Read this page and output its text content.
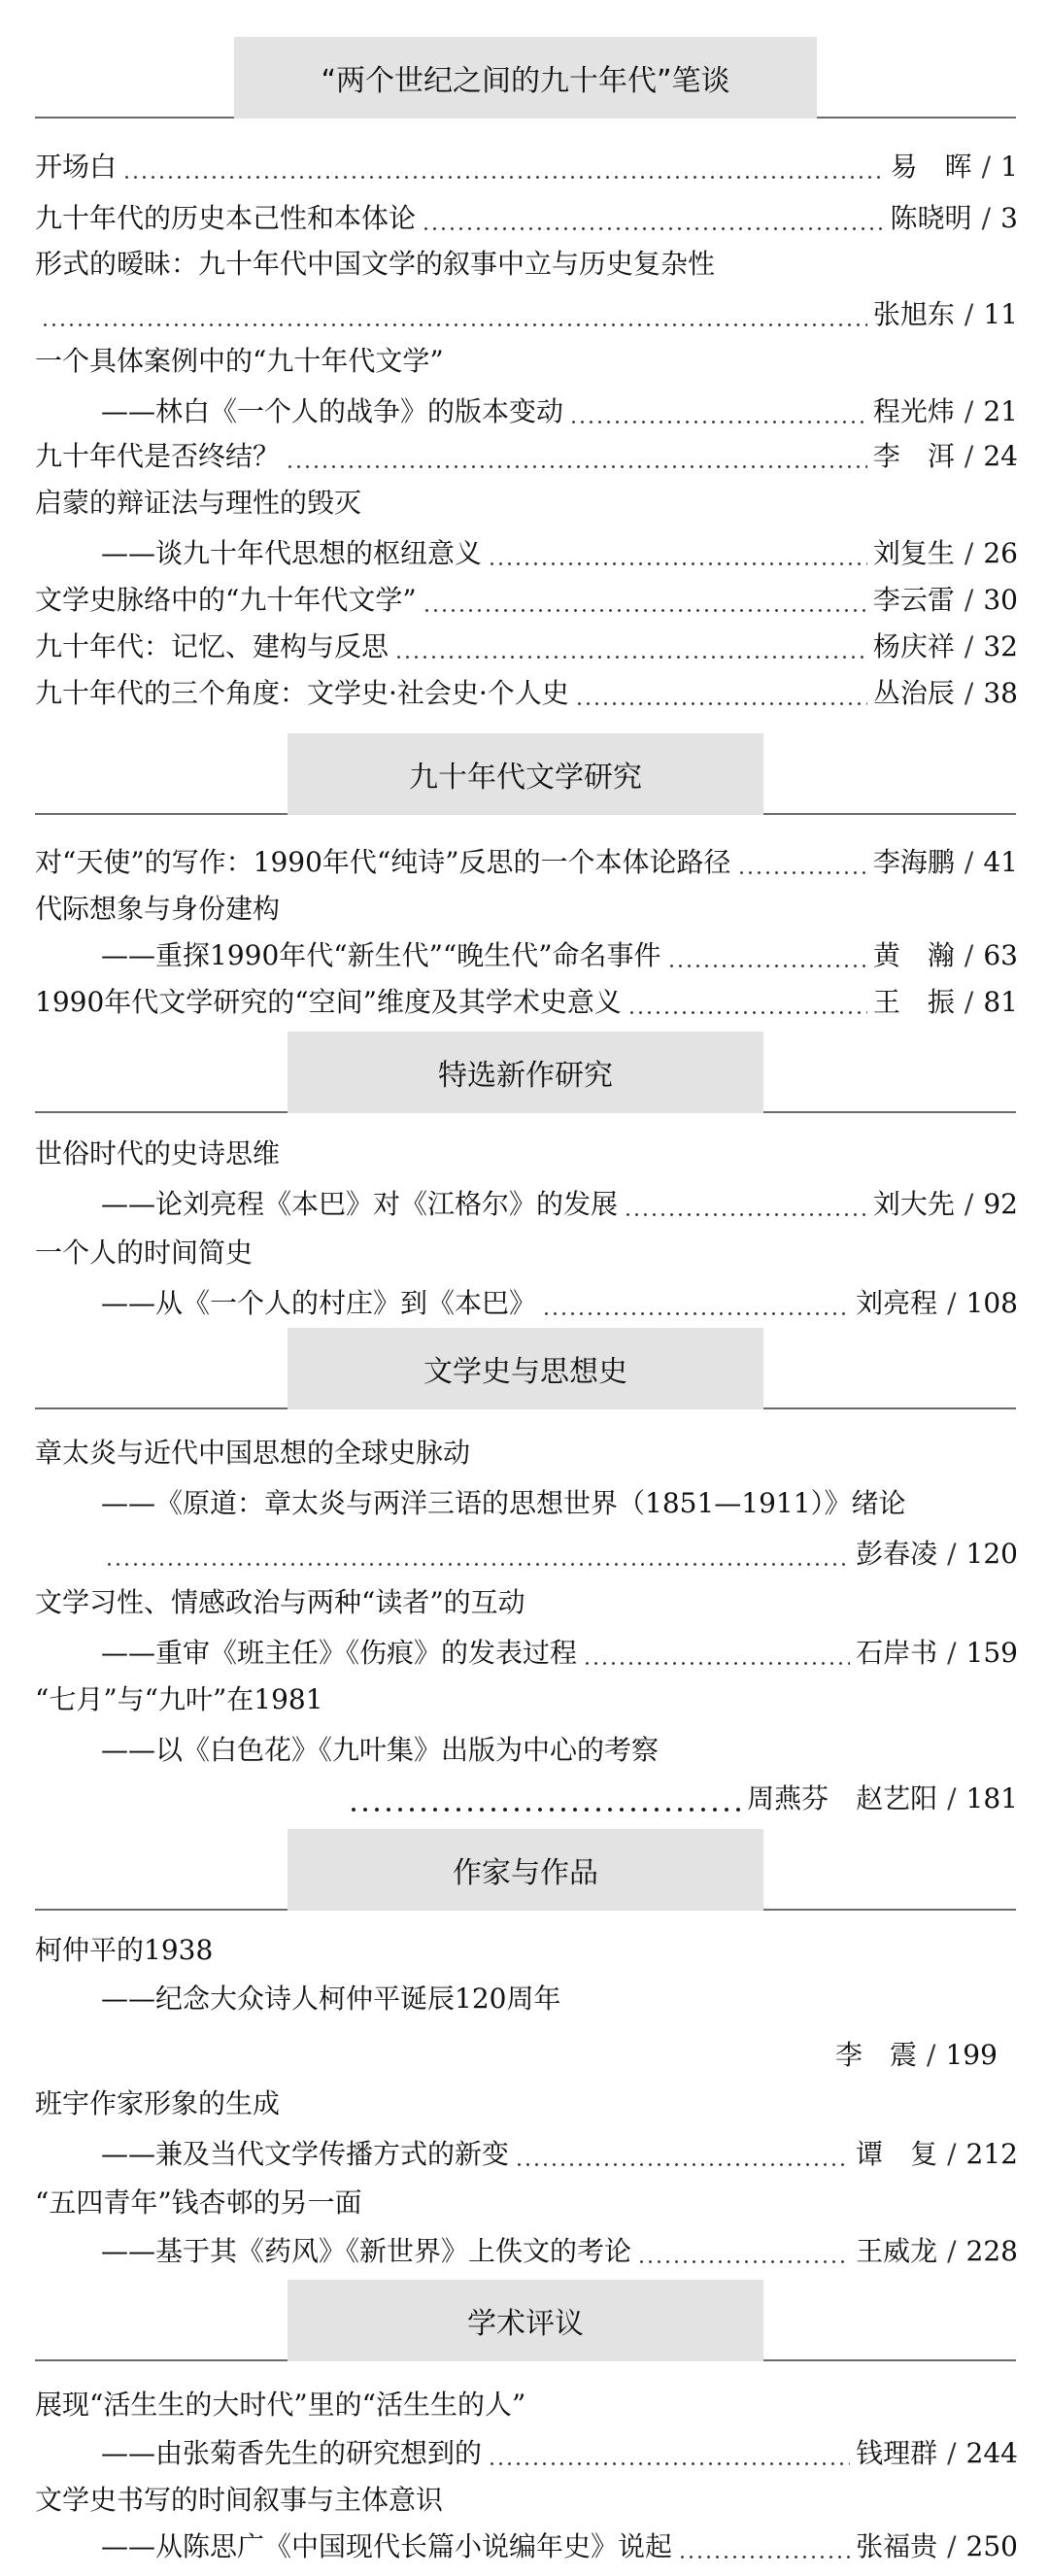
“两个世纪之间的九十年代”笔谈
开场白	易　晖 / 1
九十年代的历史本己性和本体论	陈晓明 / 3
形式的暧昧：九十年代中国文学的叙事中立与历史复杂性
张旭东 / 11
一个具体案例中的“九十年代文学”
——林白《一个人的战争》的版本变动	程光炜 / 21
九十年代是否终结？	李　洱 / 24
启蒙的辩证法与理性的毁灭
——谈九十年代思想的枢纽意义	刘复生 / 26
文学史脉络中的“九十年代文学”	李云雷 / 30
九十年代：记忆、建构与反思	杨庆祥 / 32
九十年代的三个角度：文学史·社会史·个人史	丛治辰 / 38
九十年代文学研究
对“天使”的写作：1990年代“纯诗”反思的一个本体论路径	李海鹏 / 41
代际想象与身份建构
——重探1990年代“新生代”“晚生代”命名事件	黄　瀚 / 63
1990年代文学研究的“空间”维度及其学术史意义	王　振 / 81
特选新作研究
世俗时代的史诗思维
——论刘亮程《本巴》对《江格尔》的发展	刘大先 / 92
一个人的时间简史
——从《一个人的村庄》到《本巴》	刘亮程 / 108
文学史与思想史
章太炎与近代中国思想的全球史脉动
——《原道：章太炎与两洋三语的思想世界（1851—1911）》绪论
彭春凌 / 120
文学习性、情感政治与两种“读者”的互动
——重审《班主任》《伤痕》的发表过程	石岸书 / 159
“七月”与“九叶”在1981
——以《白色花》《九叶集》出版为中心的考察
周燕芬　赵艺阳 / 181
作家与作品
柯仲平的1938
——纪念大众诗人柯仲平诞辰120周年
李　震 / 199
班宇作家形象的生成
——兼及当代文学传播方式的新变	谭　复 / 212
“五四青年”钱杏邨的另一面
——基于其《药风》《新世界》上佚文的考论	王威龙 / 228
学术评议
展现“活生生的大时代”里的“活生生的人”
——由张菊香先生的研究想到的	钱理群 / 244
文学史书写的时间叙事与主体意识
——从陈思广《中国现代长篇小说编年史》说起	张福贵 / 250
